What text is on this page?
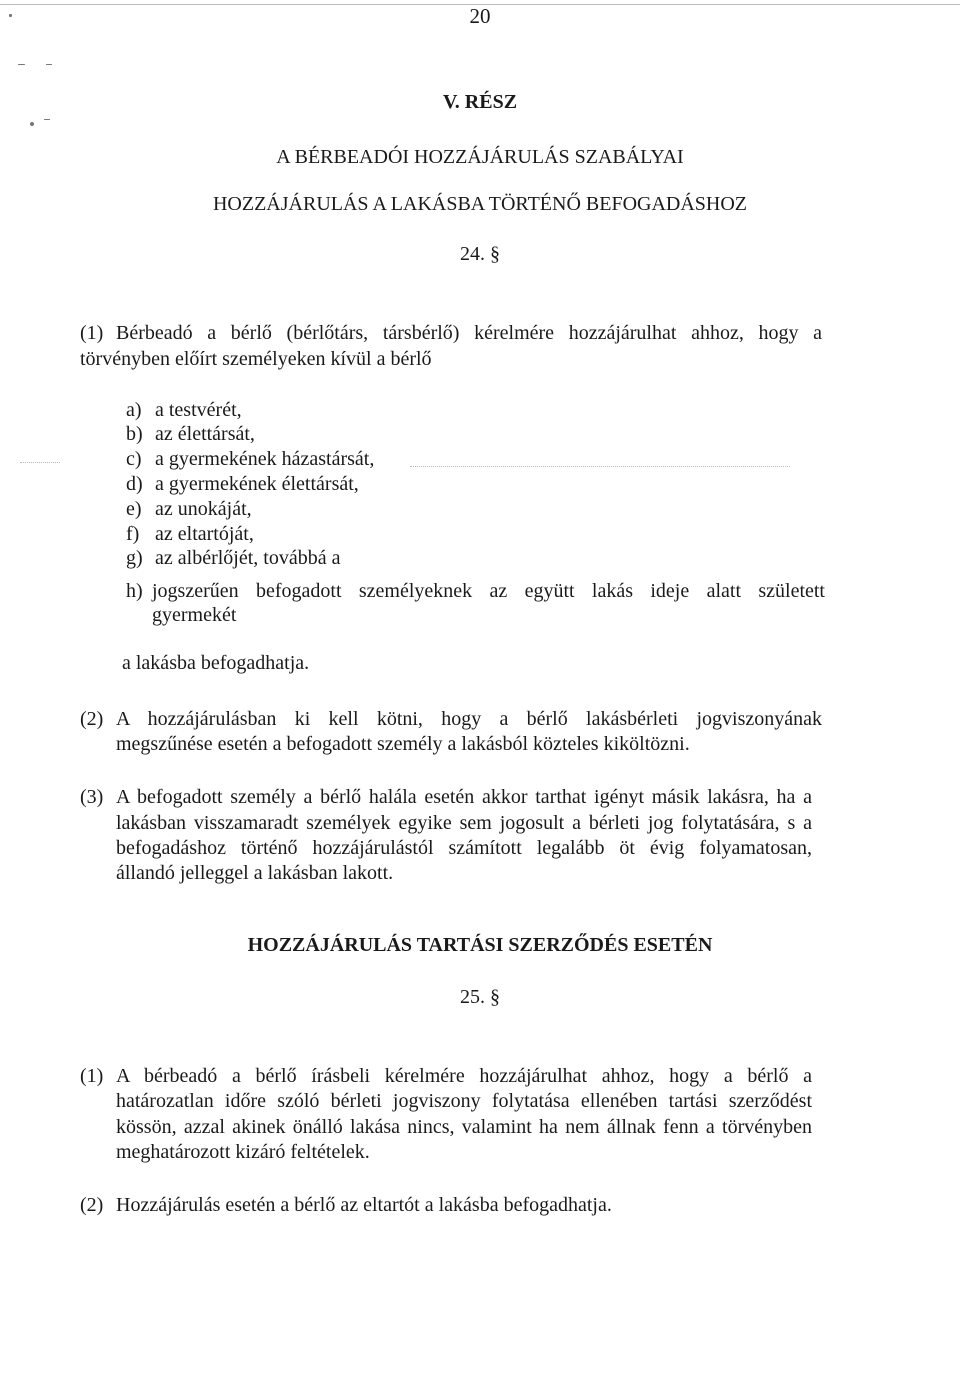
20
V. RÉSZ
A BÉRBEADÓI HOZZÁJÁRULÁS SZABÁLYAI
HOZZÁJÁRULÁS A LAKÁSBA TÖRTÉNŐ BEFOGADÁSHOZ
24. §
(1) Bérbeadó a bérlő (bérlőtárs, társbérlő) kérelmére hozzájárulhat ahhoz, hogy a
törvényben előírt személyeken kívül a bérlő
a) a testvérét,
b) az élettársát,
c) a gyermekének házastársát,
d) a gyermekének élettársát,
e) az unokáját,
f) az eltartóját,
g) az albérlőjét, továbbá a
h) jogszerűen befogadott személyeknek az együtt lakás ideje alatt született
gyermekét
a lakásba befogadhatja.
(2) A hozzájárulásban ki kell kötni, hogy a bérlő lakásbérleti jogviszonyának
megszűnése esetén a befogadott személy a lakásból közteles kiköltözni.
(3) A befogadott személy a bérlő halála esetén akkor tarthat igényt másik lakásra, ha a
lakásban visszamaradt személyek egyike sem jogosult a bérleti jog folytatására, s a
befogadáshoz történő hozzájárulástól számított legalább öt évig folyamatosan,
állandó jelleggel a lakásban lakott.
HOZZÁJÁRULÁS TARTÁSI SZERZŐDÉS ESETÉN
25. §
(1) A bérbeadó a bérlő írásbeli kérelmére hozzájárulhat ahhoz, hogy a bérlő a
határozatlan időre szóló bérleti jogviszony folytatása ellenében tartási szerződést
kössön, azzal akinek önálló lakása nincs, valamint ha nem állnak fenn a törvényben
meghatározott kizáró feltételek.
(2) Hozzájárulás esetén a bérlő az eltartót a lakásba befogadhatja.
